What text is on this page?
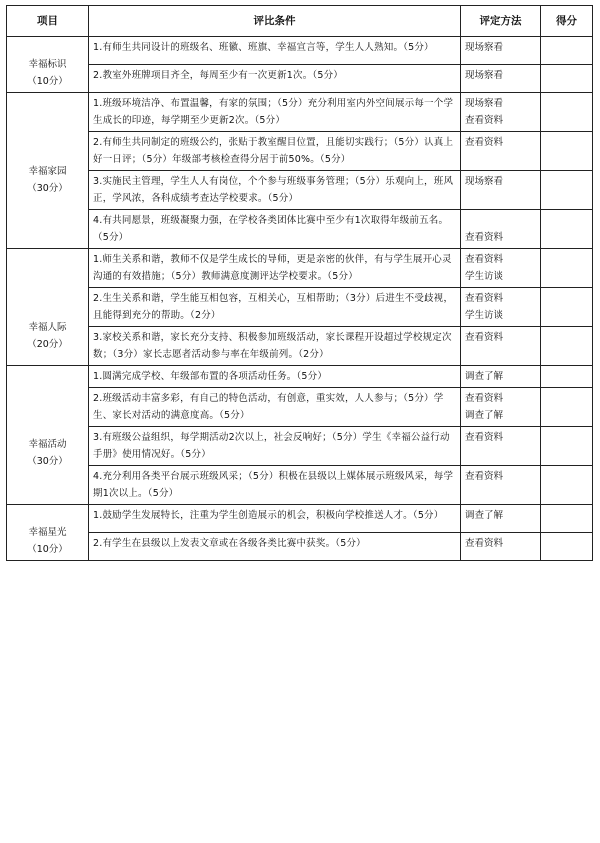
项目	评比条件	评定方法	得分

幸福标识
（10分）	1.有师生共同设计的班级名、班徽、班旗、幸福宣言等，学生人人熟知。（5分）	现场察看	

	2.教室外班牌项目齐全，每周至少有一次更新1次。（5分）	现场察看	

幸福家园
（30分）	1.班级环境洁净、布置温馨，有家的氛围；（5分）充分利用室内外空间展示每一个学生成长的印迹，每学期至少更新2次。（5分）	现场察看
查看资料	

	2.有师生共同制定的班级公约，张贴于教室醒目位置，且能切实践行；（5分）认真上好一日评；（5分）年级部考核检查得分居于前50%。（5分）	查看资料	

	3.实施民主管理，学生人人有岗位，个个参与班级事务管理；（5分）乐观向上，班风正，学风浓，各科成绩考查达学校要求。（5分）	现场察看	

	4.有共同愿景，班级凝聚力强，在学校各类团体比赛中至少有1次取得年级前五名。（5分）	查看资料	

幸福人际
（20分）	1.师生关系和谐，教师不仅是学生成长的导师，更是亲密的伙伴，有与学生展开心灵沟通的有效措施；（5分）教师满意度测评达学校要求。（5分）	查看资料
学生访谈	

	2.生生关系和谐，学生能互相包容，互相关心，互相帮助；（3分）后进生不受歧视，且能得到充分的帮助。（2分）	查看资料
学生访谈	

	3.家校关系和谐，家长充分支持、积极参加班级活动，家长课程开设超过学校规定次数；（3分）家长志愿者活动参与率在年级前列。（2分）	查看资料	

幸福活动
（30分）	1.圆满完成学校、年级部布置的各项活动任务。（5分）	调查了解	

	2.班级活动丰富多彩，有自己的特色活动，有创意，重实效，人人参与；（5分）学生、家长对活动的满意度高。（5分）	查看资料
调查了解	

	3.有班级公益组织，每学期活动2次以上，社会反响好；（5分）学生《幸福公益行动手册》使用情况好。（5分）	查看资料	

	4.充分利用各类平台展示班级风采；（5分）积极在县级以上媒体展示班级风采，每学期1次以上。（5分）	查看资料	

幸福星光
（10分）	1.鼓励学生发展特长，注重为学生创造展示的机会，积极向学校推送人才。（5分）	调查了解	

	2.有学生在县级以上发表文章或在各级各类比赛中获奖。（5分）	查看资料	
